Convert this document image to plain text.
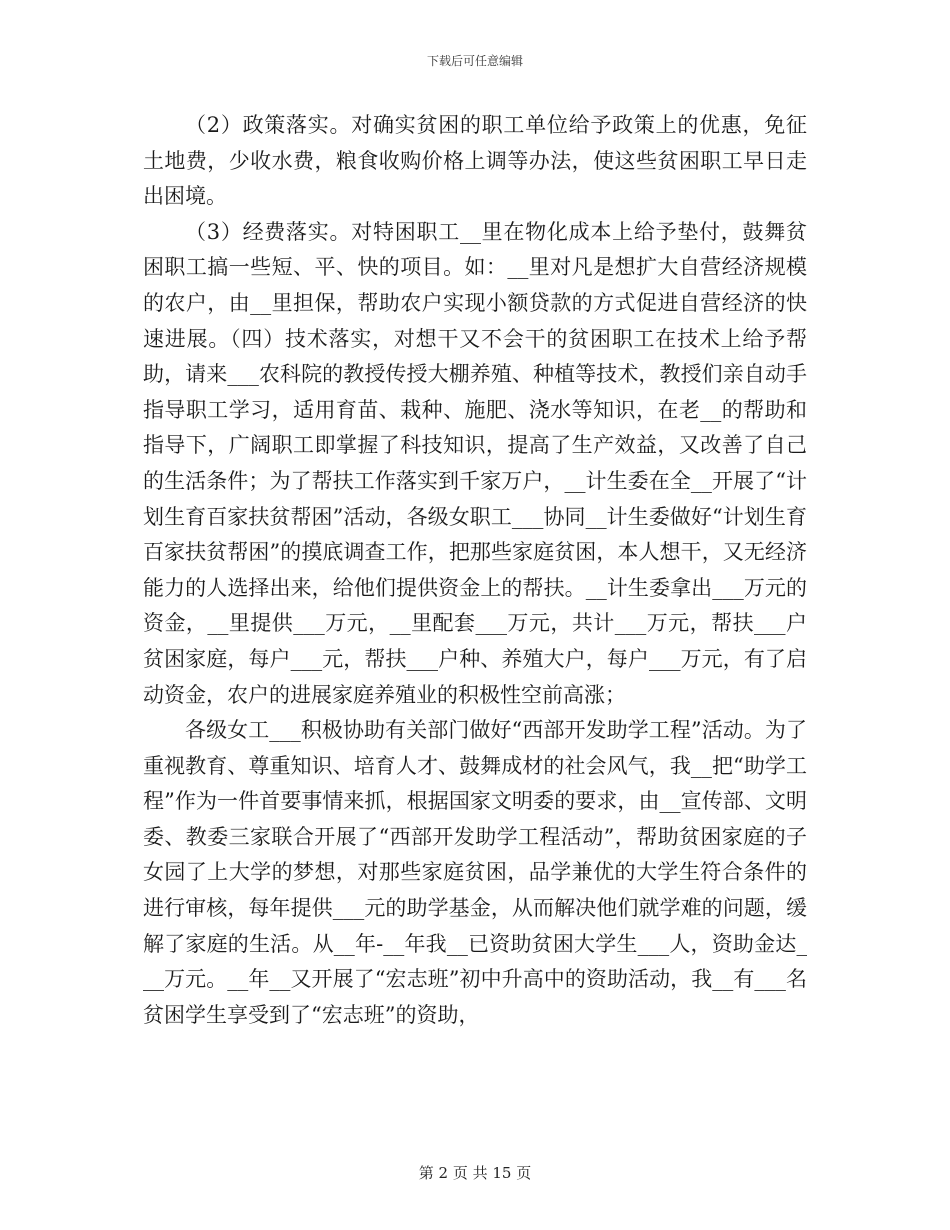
下载后可任意编辑

（2）政策落实。对确实贫困的职工单位给予政策上的优惠，免征土地费，少收水费，粮食收购价格上调等办法，使这些贫困职工早日走出困境。

（3）经费落实。对特困职工__里在物化成本上给予垫付，鼓舞贫困职工搞一些短、平、快的项目。如：__里对凡是想扩大自营经济规模的农户，由__里担保，帮助农户实现小额贷款的方式促进自营经济的快速进展。（四）技术落实，对想干又不会干的贫困职工在技术上给予帮助，请来___农科院的教授传授大棚养殖、种植等技术，教授们亲自动手指导职工学习，适用育苗、栽种、施肥、浇水等知识，在老__的帮助和指导下，广阔职工即掌握了科技知识，提高了生产效益，又改善了自己的生活条件；为了帮扶工作落实到千家万户，__计生委在全__开展了“计划生育百家扶贫帮困”活动，各级女职工___协同__计生委做好“计划生育百家扶贫帮困”的摸底调查工作，把那些家庭贫困，本人想干，又无经济能力的人选择出来，给他们提供资金上的帮扶。__计生委拿出___万元的资金，__里提供___万元，__里配套___万元，共计___万元，帮扶___户贫困家庭，每户___元，帮扶___户种、养殖大户，每户___万元，有了启动资金，农户的进展家庭养殖业的积极性空前高涨；

各级女工___积极协助有关部门做好“西部开发助学工程”活动。为了重视教育、尊重知识、培育人才、鼓舞成材的社会风气，我__把“助学工程”作为一件首要事情来抓，根据国家文明委的要求，由__宣传部、文明委、教委三家联合开展了“西部开发助学工程活动”，帮助贫困家庭的子女园了上大学的梦想，对那些家庭贫困，品学兼优的大学生符合条件的进行审核，每年提供___元的助学基金，从而解决他们就学难的问题，缓解了家庭的生活。从__年-__年我__已资助贫困大学生___人，资助金达___万元。__年__又开展了“宏志班”初中升高中的资助活动，我__有___名贫困学生享受到了“宏志班”的资助，

第 2 页 共 15 页
